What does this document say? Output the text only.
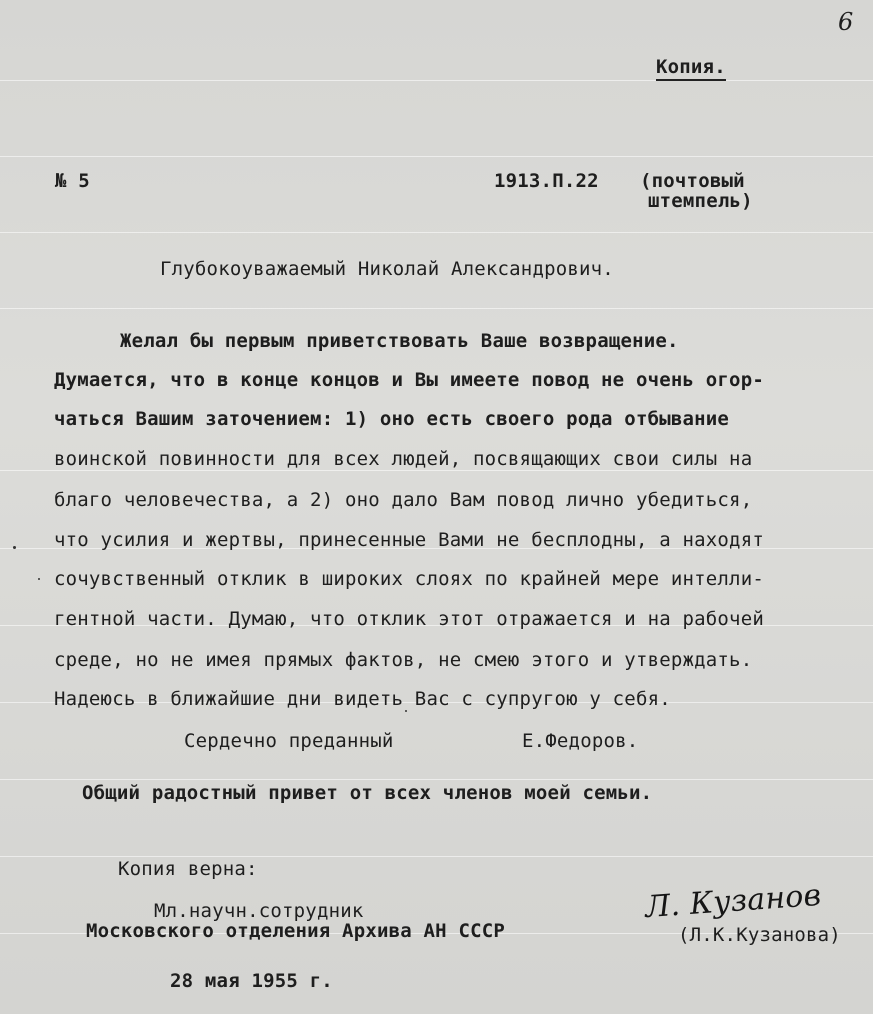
6
Копия.
№ 5	1913.П.22 (почтовый
штемпель)
Глубокоуважаемый Николай Александрович.
Желал бы первым приветствовать Ваше возвращение.
Думается, что в конце концов и Вы имеете повод не очень огор-
чаться Вашим заточением: 1) оно есть своего рода отбывание
воинской повинности для всех людей, посвящающих свои силы на
благо человечества, а 2) оно дало Вам повод лично убедиться,
что усилия и жертвы, принесенные Вами не бесплодны, а находят
сочувственный отклик в широких слоях по крайней мере интелли-
гентной части. Думаю, что отклик этот отражается и на рабочей
среде, но не имея прямых фактов, не смею этого и утверждать.
Надеюсь в ближайшие дни видеть Вас с супругою у себя.
Сердечно преданный	Е.Федоров.
Общий радостный привет от всех членов моей семьи.
Копия верна:
Мл.научн.сотрудник
Московского отделения Архива АН СССР
Л. Кузанов
(Л.К.Кузанова)
28 мая 1955 г.
